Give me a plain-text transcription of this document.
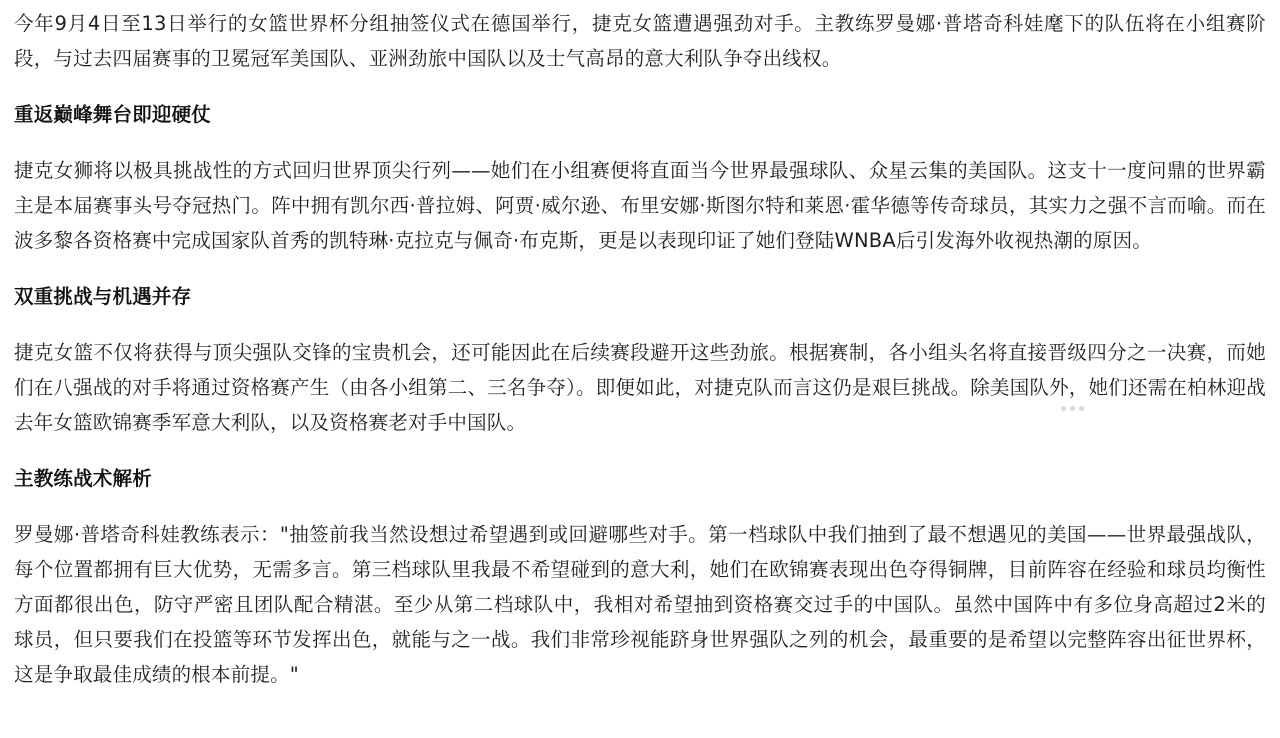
今年9月4日至13日举行的女篮世界杯分组抽签仪式在德国举行，捷克女篮遭遇强劲对手。主教练罗曼娜·普塔奇科娃麾下的队伍将在小组赛阶段，与过去四届赛事的卫冕冠军美国队、亚洲劲旅中国队以及士气高昂的意大利队争夺出线权。

重返巅峰舞台即迎硬仗

捷克女狮将以极具挑战性的方式回归世界顶尖行列——她们在小组赛便将直面当今世界最强球队、众星云集的美国队。这支十一度问鼎的世界霸主是本届赛事头号夺冠热门。阵中拥有凯尔西·普拉姆、阿贾·威尔逊、布里安娜·斯图尔特和莱恩·霍华德等传奇球员，其实力之强不言而喻。而在波多黎各资格赛中完成国家队首秀的凯特琳·克拉克与佩奇·布克斯，更是以表现印证了她们登陆WNBA后引发海外收视热潮的原因。

双重挑战与机遇并存

捷克女篮不仅将获得与顶尖强队交锋的宝贵机会，还可能因此在后续赛段避开这些劲旅。根据赛制，各小组头名将直接晋级四分之一决赛，而她们在八强战的对手将通过资格赛产生（由各小组第二、三名争夺）。即便如此，对捷克队而言这仍是艰巨挑战。除美国队外，她们还需在柏林迎战去年女篮欧锦赛季军意大利队，以及资格赛老对手中国队。

主教练战术解析

罗曼娜·普塔奇科娃教练表示："抽签前我当然设想过希望遇到或回避哪些对手。第一档球队中我们抽到了最不想遇见的美国——世界最强战队，每个位置都拥有巨大优势，无需多言。第三档球队里我最不希望碰到的意大利，她们在欧锦赛表现出色夺得铜牌，目前阵容在经验和球员均衡性方面都很出色，防守严密且团队配合精湛。至少从第二档球队中，我相对希望抽到资格赛交过手的中国队。虽然中国阵中有多位身高超过2米的球员，但只要我们在投篮等环节发挥出色，就能与之一战。我们非常珍视能跻身世界强队之列的机会，最重要的是希望以完整阵容出征世界杯，这是争取最佳成绩的根本前提。"
